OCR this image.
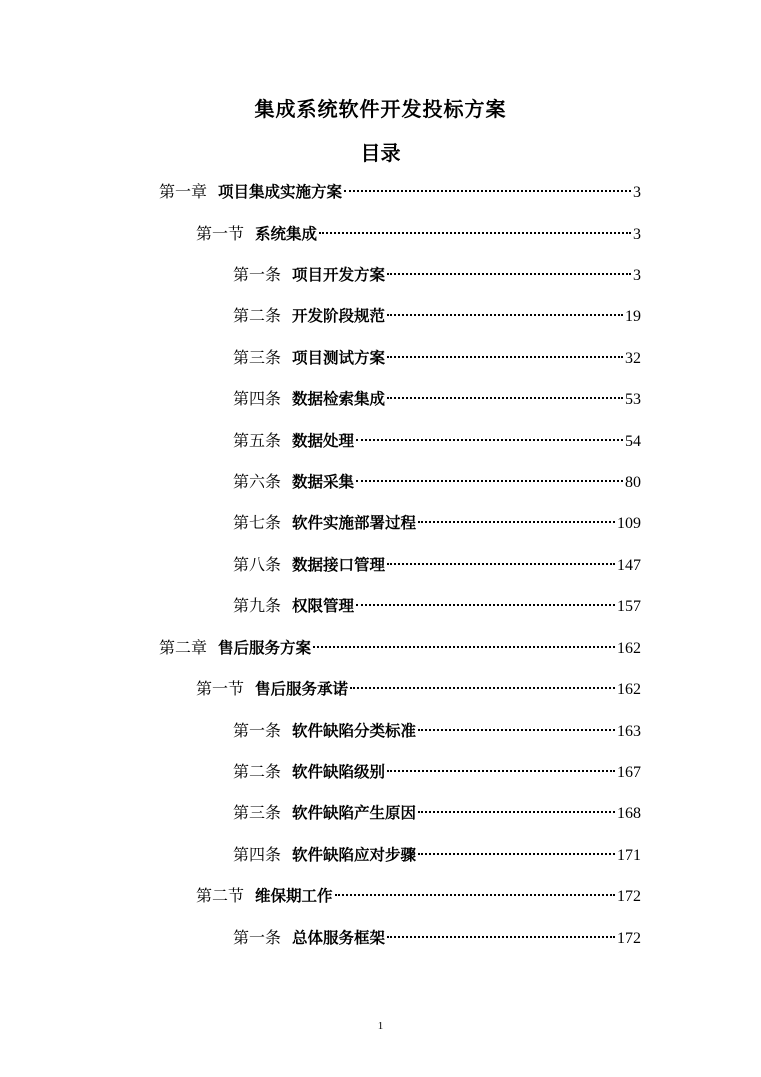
集成系统软件开发投标方案
目录
第一章 项目集成实施方案	3
第一节 系统集成	3
第一条 项目开发方案	3
第二条 开发阶段规范	19
第三条 项目测试方案	32
第四条 数据检索集成	53
第五条 数据处理	54
第六条 数据采集	80
第七条 软件实施部署过程	109
第八条 数据接口管理	147
第九条 权限管理	157
第二章 售后服务方案	162
第一节 售后服务承诺	162
第一条 软件缺陷分类标准	163
第二条 软件缺陷级别	167
第三条 软件缺陷产生原因	168
第四条 软件缺陷应对步骤	171
第二节 维保期工作	172
第一条 总体服务框架	172
1
